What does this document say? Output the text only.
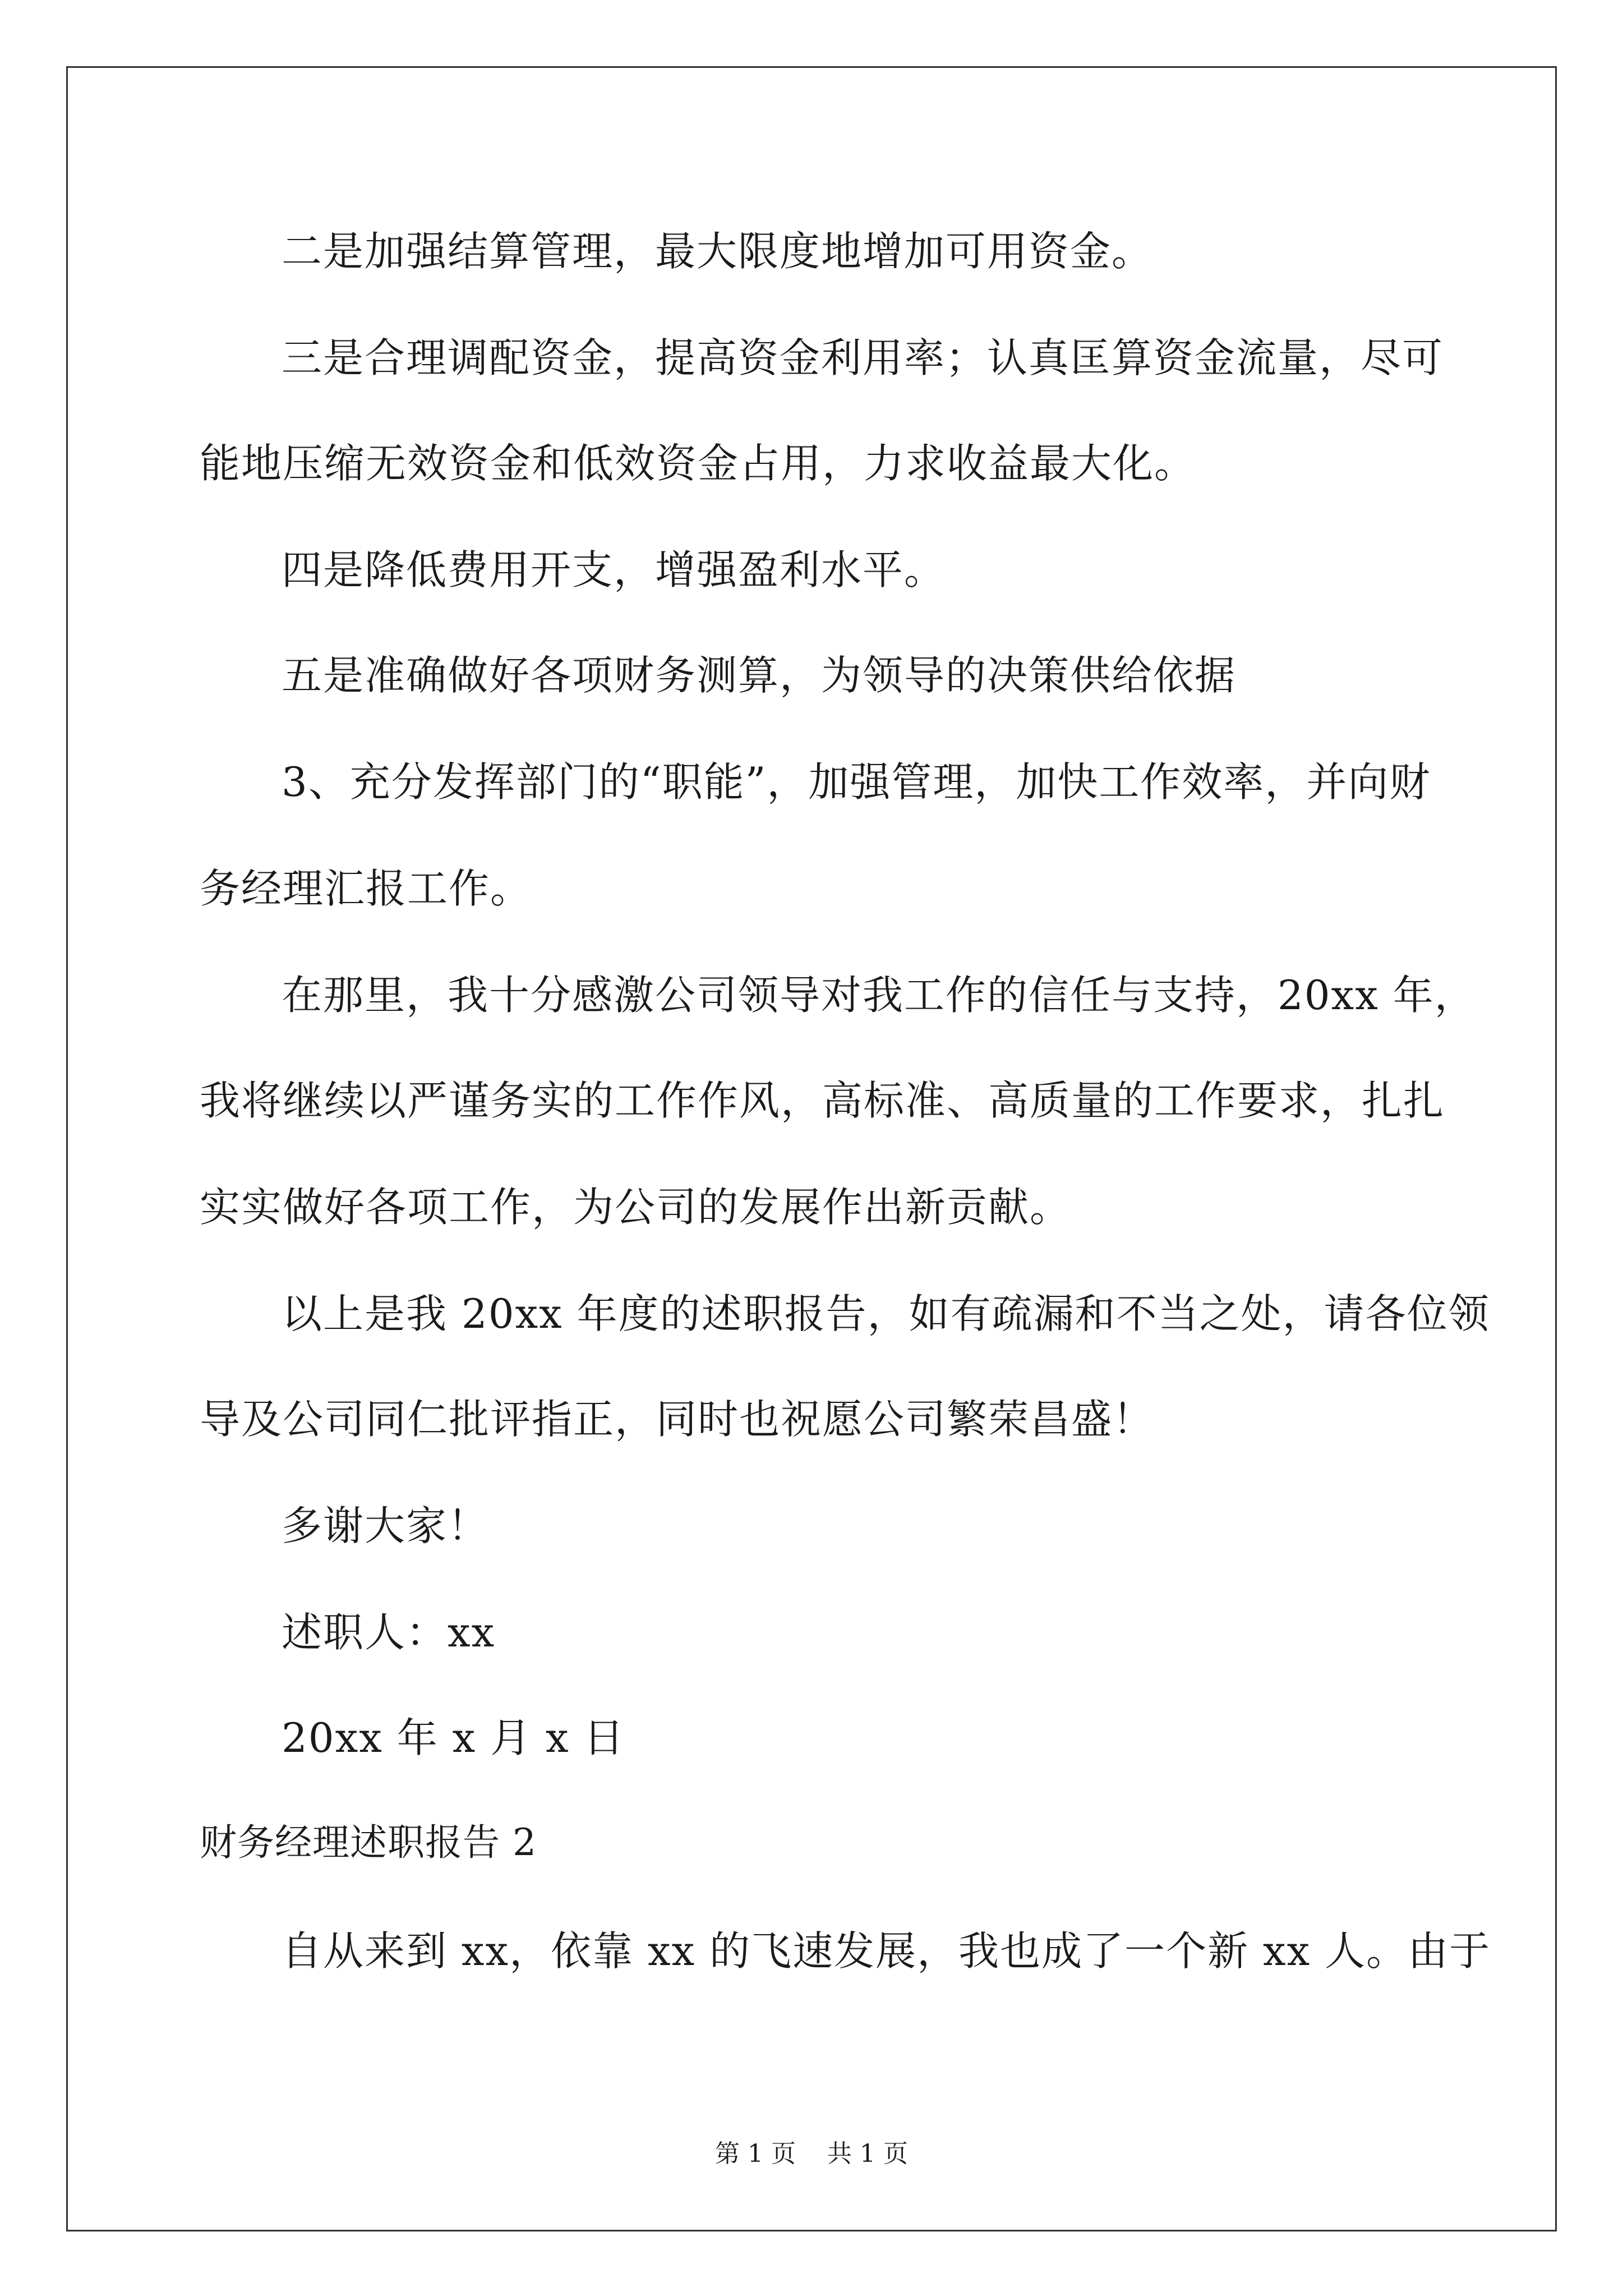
二是加强结算管理，最大限度地增加可用资金。
三是合理调配资金，提高资金利用率；认真匡算资金流量，尽可
能地压缩无效资金和低效资金占用，力求收益最大化。
四是降低费用开支，增强盈利水平。
五是准确做好各项财务测算，为领导的决策供给依据
3、充分发挥部门的“职能”，加强管理，加快工作效率，并向财
务经理汇报工作。
在那里，我十分感激公司领导对我工作的信任与支持，20xx 年，
我将继续以严谨务实的工作作风，高标准、高质量的工作要求，扎扎
实实做好各项工作，为公司的发展作出新贡献。
以上是我 20xx 年度的述职报告，如有疏漏和不当之处，请各位领
导及公司同仁批评指正，同时也祝愿公司繁荣昌盛！
多谢大家！
述职人：xx
20xx 年 x 月 x 日
财务经理述职报告 2
自从来到 xx，依靠 xx 的飞速发展，我也成了一个新 xx 人。由于
第 1 页 共 1 页
